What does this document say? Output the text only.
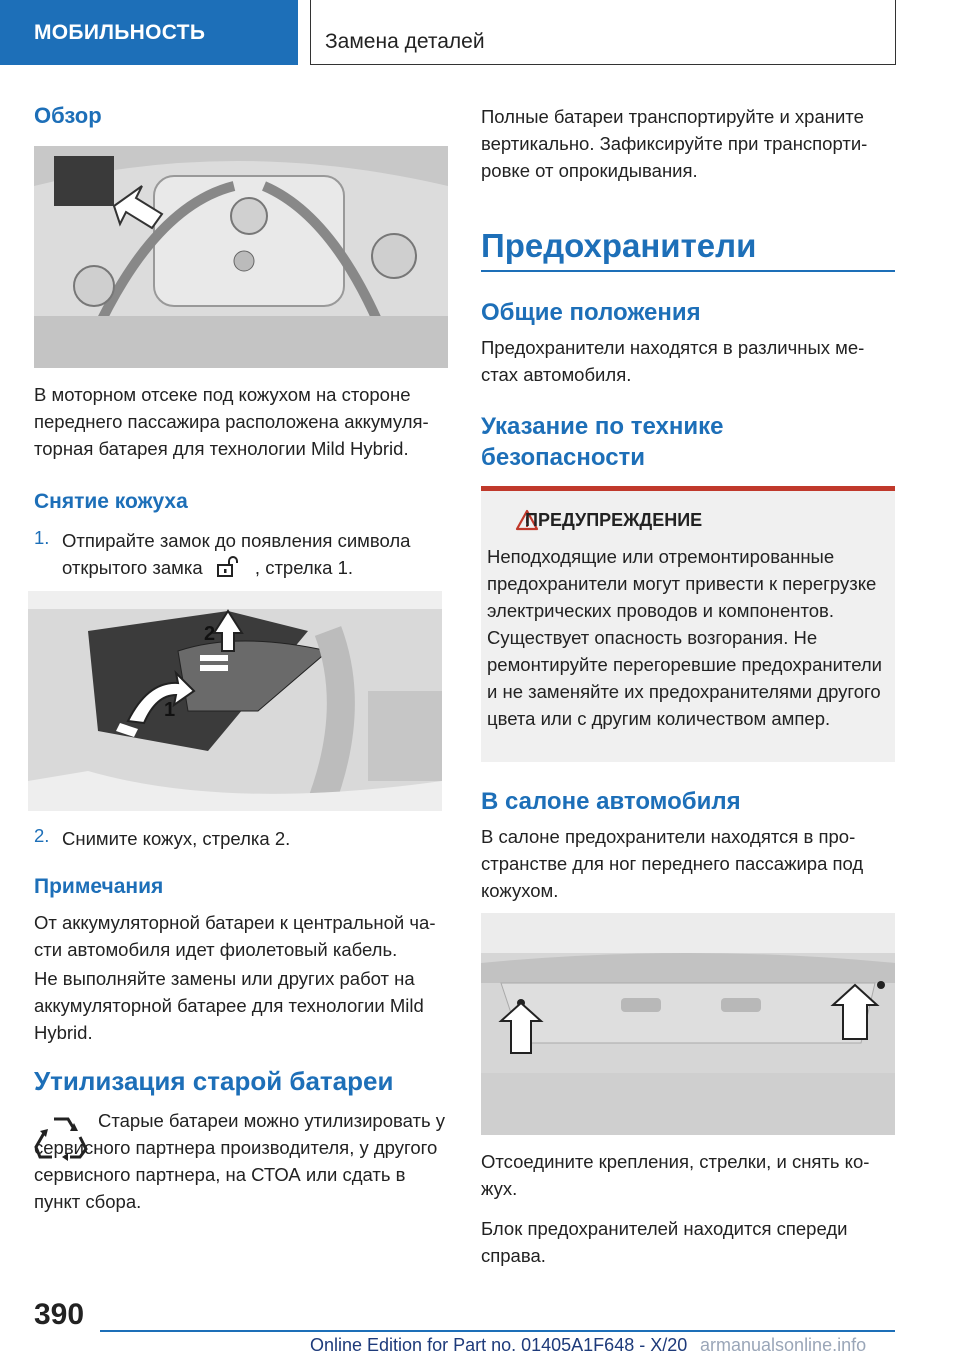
МОБИЛЬНОСТЬ	Замена деталей
Обзор

В моторном отсеке под кожухом на стороне переднего пассажира расположена аккумуляторная батарея для технологии Mild Hybrid.

Снятие кожуха
1. Отпирайте замок до появления символа
открытого замка	, стрелка 1.
2
1
2. Снимите кожух, стрелка 2.

Примечания

От аккумуляторной батареи к центральной части автомобиля идет фиолетовый кабель.

Не выполняйте замены или других работ на аккумуляторной батарее для технологии Mild Hybrid.

Утилизация старой батареи

Старые батареи можно утилизировать у сервисного партнера производителя, у другого сервисного партнера, на СТОА или сдать в пункт сбора.

Полные батареи транспортируйте и храните вертикально. Зафиксируйте при транспортировке от опрокидывания.

Предохранители
Общие положения

Предохранители находятся в различных местах автомобиля.

Указание по технике безопасности
ПРЕДУПРЕЖДЕНИЕ

Неподходящие или отремонтированные предохранители могут привести к перегрузке электрических проводов и компонентов. Существует опасность возгорания. Не ремонтируйте перегоревшие предохранители и не заменяйте их предохранителями другого цвета или с другим количеством ампер.

В салоне автомобиля

В салоне предохранители находятся в пространстве для ног переднего пассажира под кожухом.

Отсоедините крепления, стрелки, и снять кожух.

Блок предохранителей находится спереди справа.

390
Online Edition for Part no. 01405A1F648 - X/20 armanualsonline.info
